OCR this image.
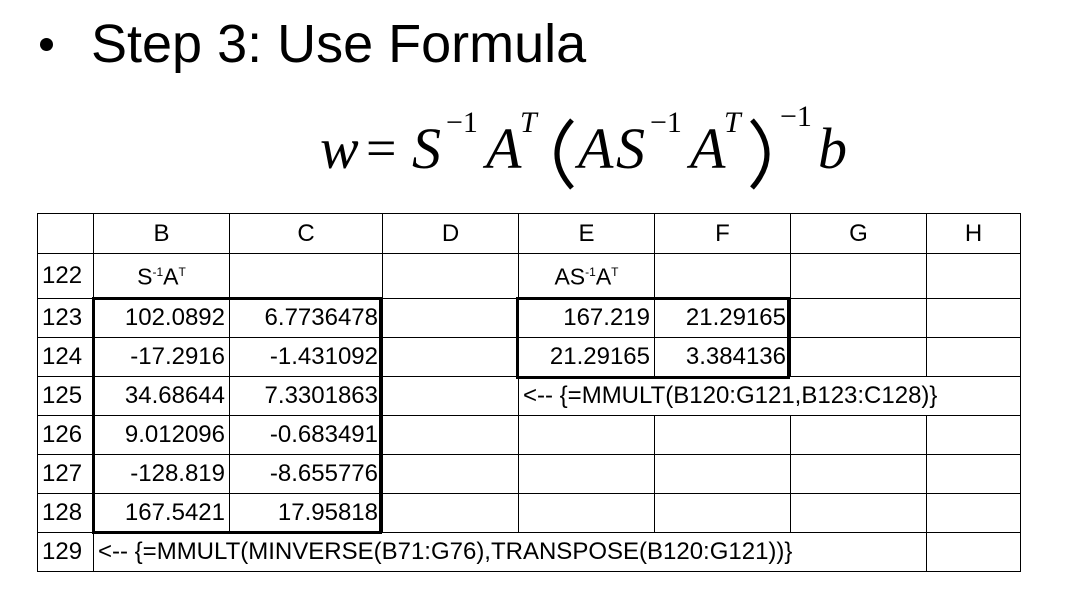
Step 3: Use Formula
w = S −1 A
T A S −1 A
T −1 b
	B	C	D	E	F	G	H
122	$S^{-1}A^T$			$AS^{-1}A^T$			
123	102.0892	6.7736478		167.219	21.29165		
124	-17.2916	-1.431092		21.29165	3.384136		
125	34.68644	7.3301863		<-- {=MMULT(B120:G121,B123:C128)}			
126	9.012096	-0.683491					
127	-128.819	-8.655776					
128	167.5421	17.95818					
129	<-- {=MMULT(MINVERSE(B71:G76),TRANSPOSE(B120:G121))}						
